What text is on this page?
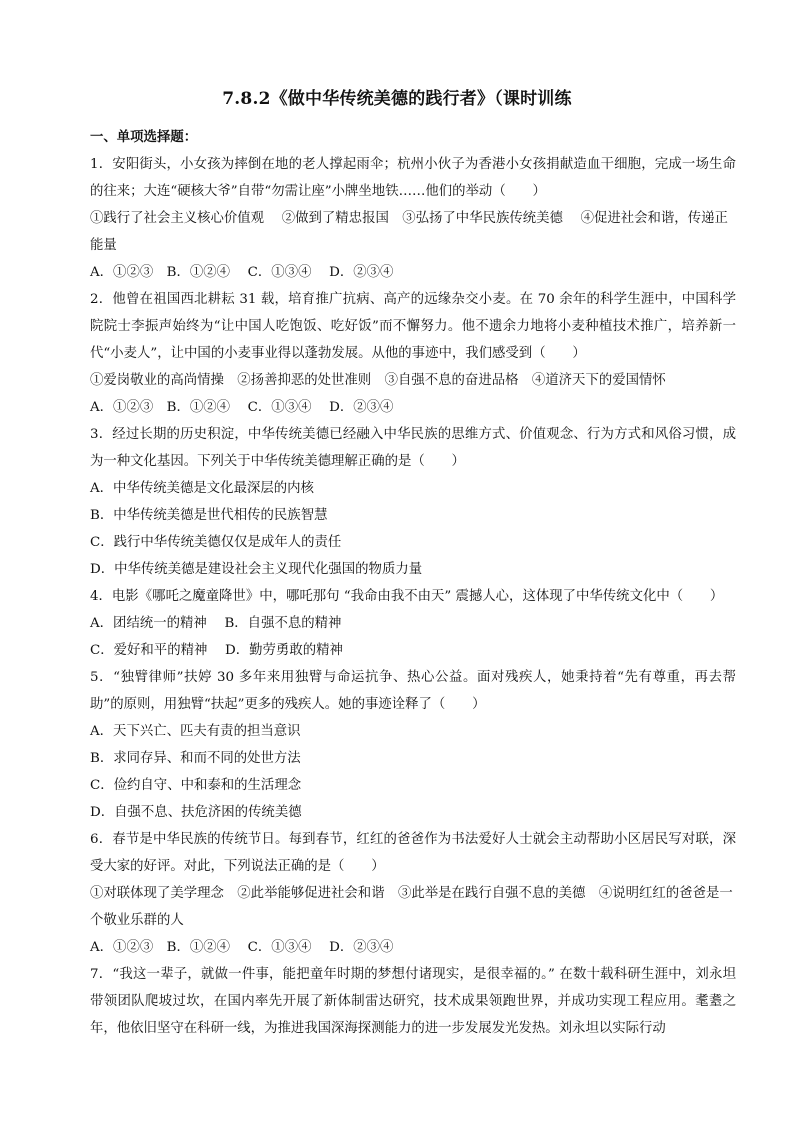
7.8.2《做中华传统美德的践行者》（课时训练
一、单项选择题：
1．安阳街头，小女孩为摔倒在地的老人撑起雨伞；杭州小伙子为香港小女孩捐献造血干细胞，完成一场生命的往来；大连“硬核大爷”自带“勿需让座”小牌坐地铁……他们的举动（　　）
①践行了社会主义核心价值观　 ②做到了精忠报国　③弘扬了中华民族传统美德　 ④促进社会和谐，传递正能量
A．①②③　B．①②④　 C．①③④　 D．②③④
2．他曾在祖国西北耕耘 31 载，培育推广抗病、高产的远缘杂交小麦。在 70 余年的科学生涯中，中国科学院院士李振声始终为“让中国人吃饱饭、吃好饭”而不懈努力。他不遗余力地将小麦种植技术推广，培养新一代“小麦人”，让中国的小麦事业得以蓬勃发展。从他的事迹中，我们感受到（　　）
①爱岗敬业的高尚情操　②扬善抑恶的处世准则　③自强不息的奋进品格　④道济天下的爱国情怀
A．①②③　B．①②④　 C．①③④　 D．②③④
3．经过长期的历史积淀，中华传统美德已经融入中华民族的思维方式、价值观念、行为方式和风俗习惯，成为一种文化基因。下列关于中华传统美德理解正确的是（　　）
A．中华传统美德是文化最深层的内核
B．中华传统美德是世代相传的民族智慧
C．践行中华传统美德仅仅是成年人的责任
D．中华传统美德是建设社会主义现代化强国的物质力量
4．电影《哪吒之魔童降世》中，哪吒那句 “我命由我不由天” 震撼人心，这体现了中华传统文化中（　　）
A．团结统一的精神　 B．自强不息的精神
C．爱好和平的精神　 D．勤劳勇敢的精神
5．“独臂律师”扶婷 30 多年来用独臂与命运抗争、热心公益。面对残疾人，她秉持着“先有尊重，再去帮助”的原则，用独臂“扶起”更多的残疾人。她的事迹诠释了（　　）
A．天下兴亡、匹夫有责的担当意识
B．求同存异、和而不同的处世方法
C．俭约自守、中和泰和的生活理念
D．自强不息、扶危济困的传统美德
6．春节是中华民族的传统节日。每到春节，红红的爸爸作为书法爱好人士就会主动帮助小区居民写对联，深受大家的好评。对此，下列说法正确的是（　　）
①对联体现了美学理念　②此举能够促进社会和谐　③此举是在践行自强不息的美德　④说明红红的爸爸是一个敬业乐群的人
A．①②③　B．①②④　 C．①③④　 D．②③④
7．“我这一辈子，就做一件事，能把童年时期的梦想付诸现实，是很幸福的。” 在数十载科研生涯中，刘永坦带领团队爬坡过坎，在国内率先开展了新体制雷达研究，技术成果领跑世界，并成功实现工程应用。耄耋之年，他依旧坚守在科研一线，为推进我国深海探测能力的进一步发展发光发热。刘永坦以实际行动
